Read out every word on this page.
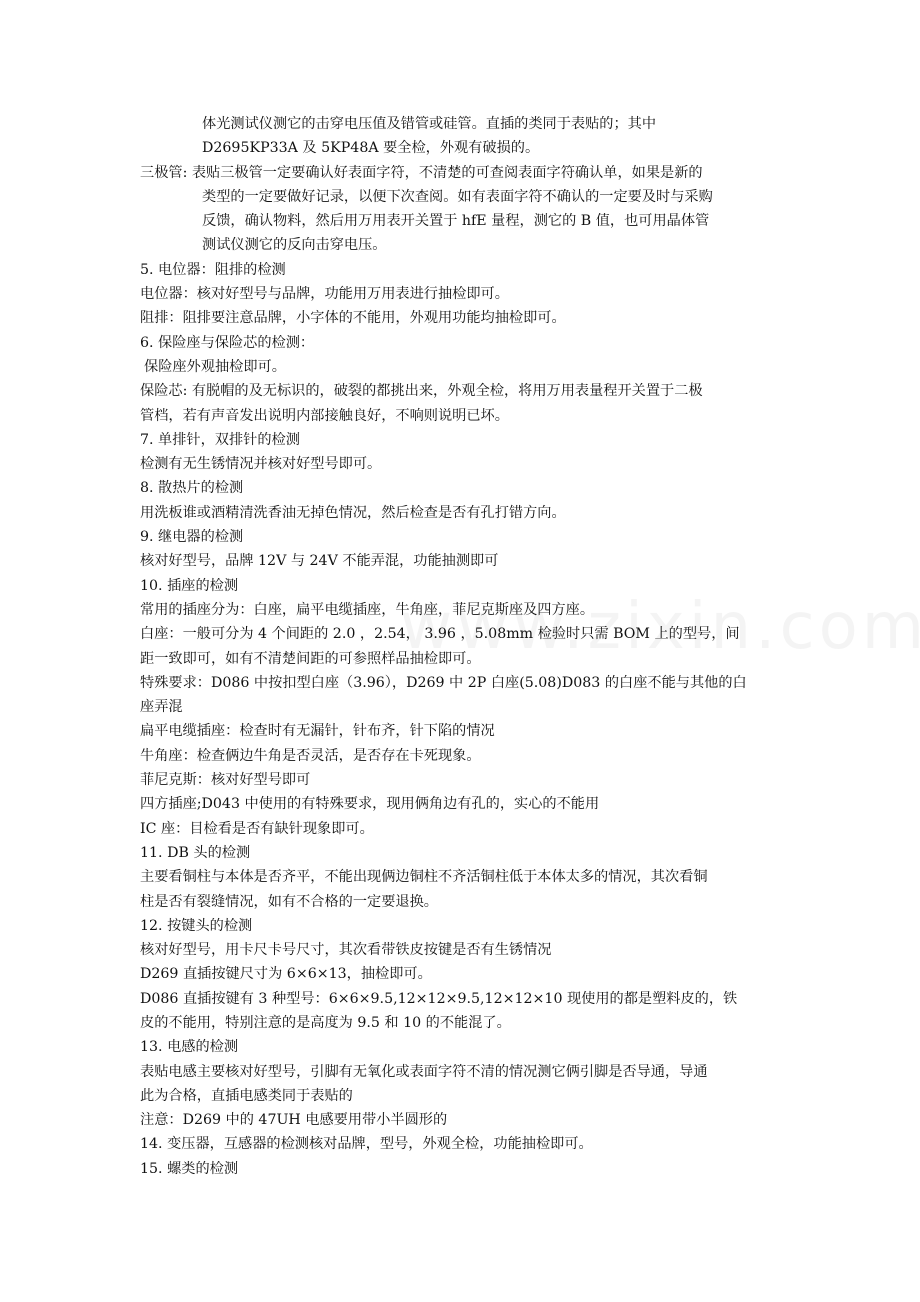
体光测试仪测它的击穿电压值及错管或硅管。直插的类同于表贴的；其中
D2695KP33A 及 5KP48A 要全检，外观有破损的。
三极管: 表贴三极管一定要确认好表面字符，不清楚的可查阅表面字符确认单，如果是新的
类型的一定要做好记录，以便下次查阅。如有表面字符不确认的一定要及时与采购
反馈，确认物料，然后用万用表开关置于 hfE 量程，测它的 B 值，也可用晶体管
测试仪测它的反向击穿电压。
5. 电位器：阻排的检测
电位器：核对好型号与品牌，功能用万用表进行抽检即可。
阻排：阻排要注意品牌，小字体的不能用，外观用功能均抽检即可。
6. 保险座与保险芯的检测：
保险座外观抽检即可。
保险芯: 有脱帽的及无标识的，破裂的都挑出来，外观全检，将用万用表量程开关置于二极
管档，若有声音发出说明内部接触良好，不响则说明已坏。
7. 单排针，双排针的检测
检测有无生锈情况并核对好型号即可。
8. 散热片的检测
用洗板谁或酒精清洗香油无掉色情况，然后检查是否有孔打错方向。
9. 继电器的检测
核对好型号，品牌 12V 与 24V 不能弄混，功能抽测即可
10. 插座的检测
常用的插座分为：白座，扁平电缆插座，牛角座，菲尼克斯座及四方座。
白座：一般可分为 4 个间距的 2.0 ，2.54， 3.96 ，5.08mm 检验时只需 BOM 上的型号，间
距一致即可，如有不清楚间距的可参照样品抽检即可。
特殊要求：D086 中按扣型白座（3.96），D269 中 2P 白座(5.08)D083 的白座不能与其他的白
座弄混
扁平电缆插座：检查时有无漏针，针布齐，针下陷的情况
牛角座：检查俩边牛角是否灵活，是否存在卡死现象。
菲尼克斯：核对好型号即可
四方插座;D043 中使用的有特殊要求，现用俩角边有孔的，实心的不能用
IC 座：目检看是否有缺针现象即可。
11. DB 头的检测
主要看铜柱与本体是否齐平，不能出现俩边铜柱不齐活铜柱低于本体太多的情况，其次看铜
柱是否有裂缝情况，如有不合格的一定要退换。
12. 按键头的检测
核对好型号，用卡尺卡号尺寸，其次看带铁皮按键是否有生锈情况
D269 直插按键尺寸为 6×6×13，抽检即可。
D086 直插按键有 3 种型号：6×6×9.5,12×12×9.5,12×12×10 现使用的都是塑料皮的，铁
皮的不能用，特别注意的是高度为 9.5 和 10 的不能混了。
13. 电感的检测
表贴电感主要核对好型号，引脚有无氧化或表面字符不清的情况测它俩引脚是否导通，导通
此为合格，直插电感类同于表贴的
注意：D269 中的 47UH 电感要用带小半圆形的
14. 变压器，互感器的检测核对品牌，型号，外观全检，功能抽检即可。
15. 螺类的检测
